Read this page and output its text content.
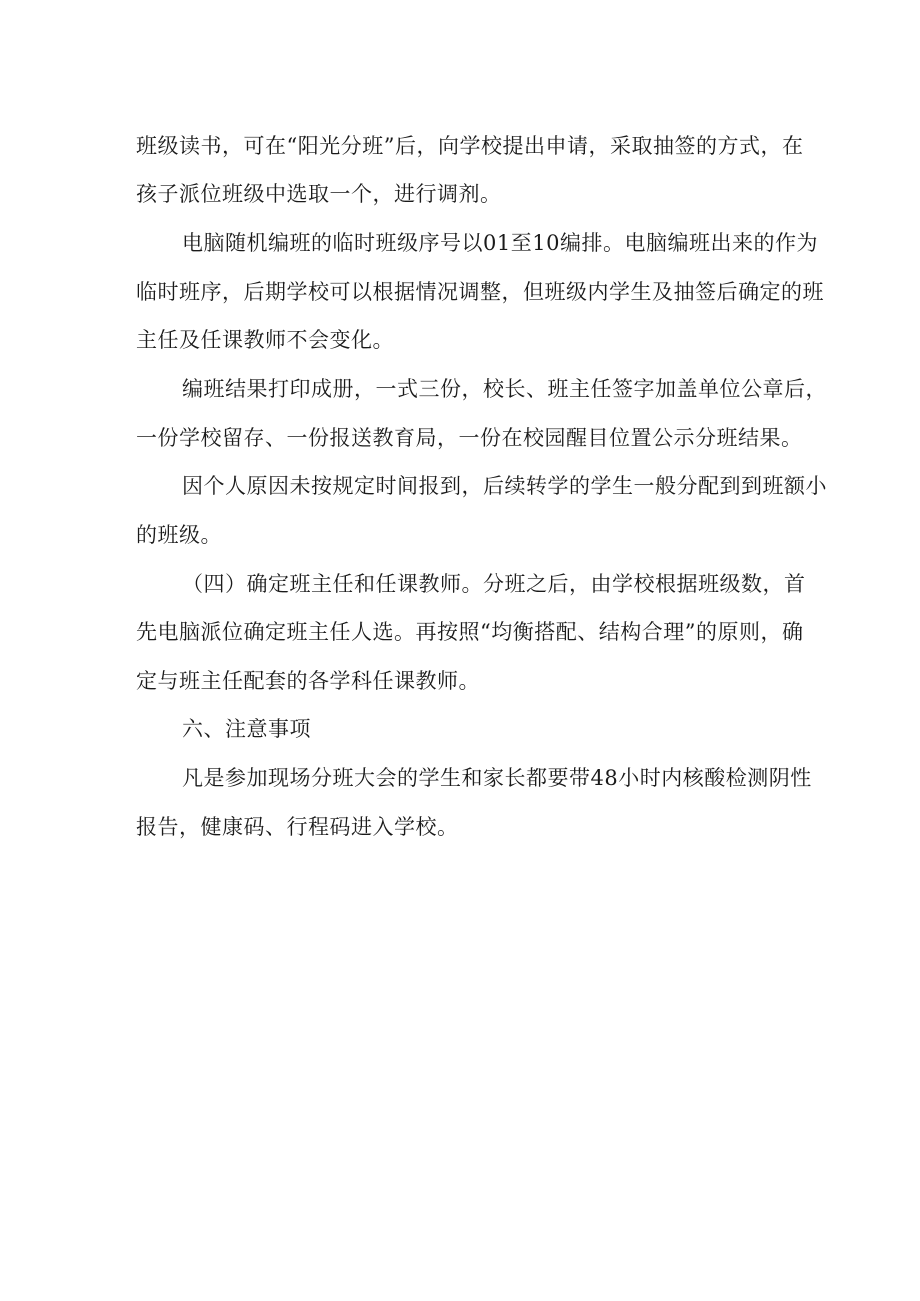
班级读书，可在“阳光分班”后，向学校提出申请，采取抽签的方式，在
孩子派位班级中选取一个，进行调剂。
电脑随机编班的临时班级序号以01至10编排。电脑编班出来的作为
临时班序，后期学校可以根据情况调整，但班级内学生及抽签后确定的班
主任及任课教师不会变化。
编班结果打印成册，一式三份，校长、班主任签字加盖单位公章后，
一份学校留存、一份报送教育局，一份在校园醒目位置公示分班结果。
因个人原因未按规定时间报到，后续转学的学生一般分配到到班额小
的班级。
（四）确定班主任和任课教师。分班之后，由学校根据班级数，首
先电脑派位确定班主任人选。再按照“均衡搭配、结构合理”的原则，确
定与班主任配套的各学科任课教师。
六、注意事项
凡是参加现场分班大会的学生和家长都要带48小时内核酸检测阴性
报告，健康码、行程码进入学校。
